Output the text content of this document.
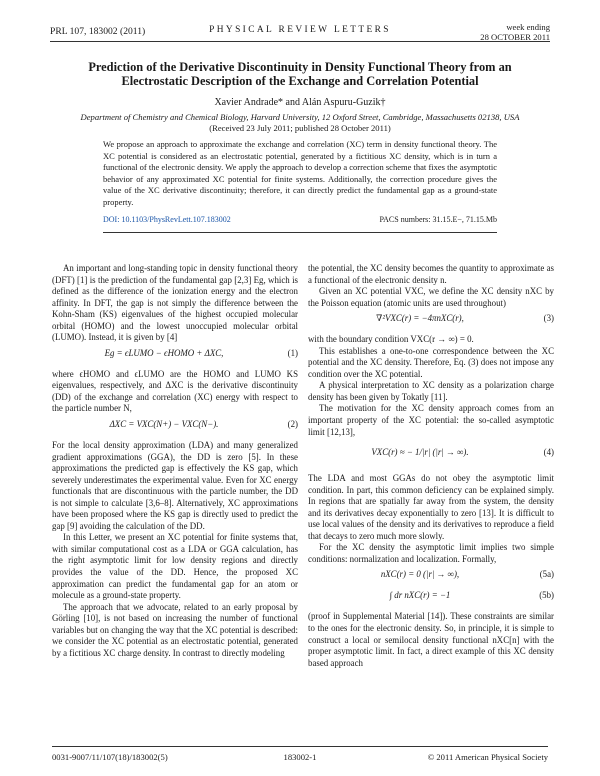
PRL 107, 183002 (2011)	PHYSICAL REVIEW LETTERS	week ending
28 OCTOBER 2011
Prediction of the Derivative Discontinuity in Density Functional Theory from an Electrostatic Description of the Exchange and Correlation Potential
Xavier Andrade* and Alán Aspuru-Guzik†
Department of Chemistry and Chemical Biology, Harvard University, 12 Oxford Street, Cambridge, Massachusetts 02138, USA
(Received 23 July 2011; published 28 October 2011)
We propose an approach to approximate the exchange and correlation (XC) term in density functional theory. The XC potential is considered as an electrostatic potential, generated by a fictitious XC density, which is in turn a functional of the electronic density. We apply the approach to develop a correction scheme that fixes the asymptotic behavior of any approximated XC potential for finite systems. Additionally, the correction procedure gives the value of the XC derivative discontinuity; therefore, it can directly predict the fundamental gap as a ground-state property.
DOI: 10.1103/PhysRevLett.107.183002	PACS numbers: 31.15.E−, 71.15.Mb

An important and long-standing topic in density functional theory (DFT) [1] is the prediction of the fundamental gap [2,3] Eg, which is defined as the difference of the ionization energy and the electron affinity. In DFT, the gap is not simply the difference between the Kohn-Sham (KS) eigenvalues of the highest occupied molecular orbital (HOMO) and the lowest unoccupied molecular orbital (LUMO). Instead, it is given by [4]

Eg = ϵLUMO − ϵHOMO + ΔXC,	(1)

where ϵHOMO and ϵLUMO are the HOMO and LUMO KS eigenvalues, respectively, and ΔXC is the derivative discontinuity (DD) of the exchange and correlation (XC) energy with respect to the particle number N,

ΔXC = VXC(N+) − VXC(N−).	(2)

For the local density approximation (LDA) and many generalized gradient approximations (GGA), the DD is zero [5]. In these approximations the predicted gap is effectively the KS gap, which severely underestimates the experimental value. Even for XC energy functionals that are discontinuous with the particle number, the DD is not simple to calculate [3,6–8]. Alternatively, XC approximations have been proposed where the KS gap is directly used to predict the gap [9] avoiding the calculation of the DD.

In this Letter, we present an XC potential for finite systems that, with similar computational cost as a LDA or GGA calculation, has the right asymptotic limit for low density regions and directly provides the value of the DD. Hence, the proposed XC approximation can predict the fundamental gap for an atom or molecule as a ground-state property.

The approach that we advocate, related to an early proposal by Görling [10], is not based on increasing the number of functional variables but on changing the way that the XC potential is described: we consider the XC potential as an electrostatic potential, generated by a fictitious XC charge density. In contrast to directly modeling

the potential, the XC density becomes the quantity to approximate as a functional of the electronic density n.

Given an XC potential VXC, we define the XC density nXC by the Poisson equation (atomic units are used throughout)

∇²VXC(r) = −4πnXC(r),	(3)

with the boundary condition VXC(r → ∞) = 0.

This establishes a one-to-one correspondence between the XC potential and the XC density. Therefore, Eq. (3) does not impose any condition over the XC potential.

A physical interpretation to XC density as a polarization charge density has been given by Tokatly [11].

The motivation for the XC density approach comes from an important property of the XC potential: the so-called asymptotic limit [12,13],

VXC(r) ≈ − 1/|r| (|r| → ∞).	(4)

The LDA and most GGAs do not obey the asymptotic limit condition. In part, this common deficiency can be explained simply. In regions that are spatially far away from the system, the density and its derivatives decay exponentially to zero [13]. It is difficult to use local values of the density and its derivatives to reproduce a field that decays to zero much more slowly.

For the XC density the asymptotic limit implies two simple conditions: normalization and localization. Formally,

nXC(r) = 0 (|r| → ∞),	(5a)
∫ dr nXC(r) = −1	(5b)

(proof in Supplemental Material [14]). These constraints are similar to the ones for the electronic density. So, in principle, it is simple to construct a local or semilocal density functional nXC[n] with the proper asymptotic limit. In fact, a direct example of this XC density based approach

0031-9007/11/107(18)/183002(5)	183002-1	© 2011 American Physical Society
